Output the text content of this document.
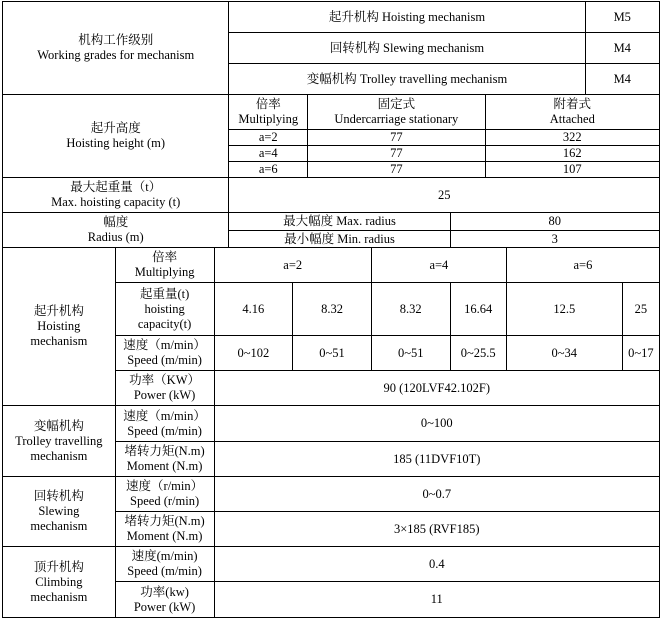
机构工作级别
Working grades for mechanism			起升机构 Hoisting mechanism							M5	
			回转机构 Slewing mechanism							M4	
			变幅机构 Trolley travelling mechanism							M4	

起升高度
Hoisting height (m)			倍率
Multiplying		固定式
Undercarriage stationary			附着式
Attached			

			a=2		77			322			
			a=4		77			162			
			a=6		77			107			

最大起重量（t）
Max. hoisting capacity (t)			25								

幅度
Radius (m)			最大幅度 Max. radius				80				
			最小幅度 Min. radius				3				

起升机构
Hoisting
mechanism	倍率
Multiplying	a=2				a=4			a=6		

	起重量(t)
hoisting
capacity(t)	4.16		8.32		8.32	16.64		12.5		25

	速度（m/min）
Speed (m/min)	0~102		0~51		0~51	0~25.5		0~34		0~17

	功率（KW）
Power (kW)	90 (120LVF42.102F)									

变幅机构
Trolley travelling
mechanism	速度（m/min）
Speed (m/min)	0~100									

	堵转力矩(N.m)
Moment (N.m)	185 (11DVF10T)									

回转机构
Slewing
mechanism	速度（r/min）
Speed (r/min)	0~0.7									

	堵转力矩(N.m)
Moment (N.m)	3×185 (RVF185)									

顶升机构
Climbing
mechanism	速度(m/min)
Speed (m/min)	0.4									

	功率(kw)
Power (kW)	11									
